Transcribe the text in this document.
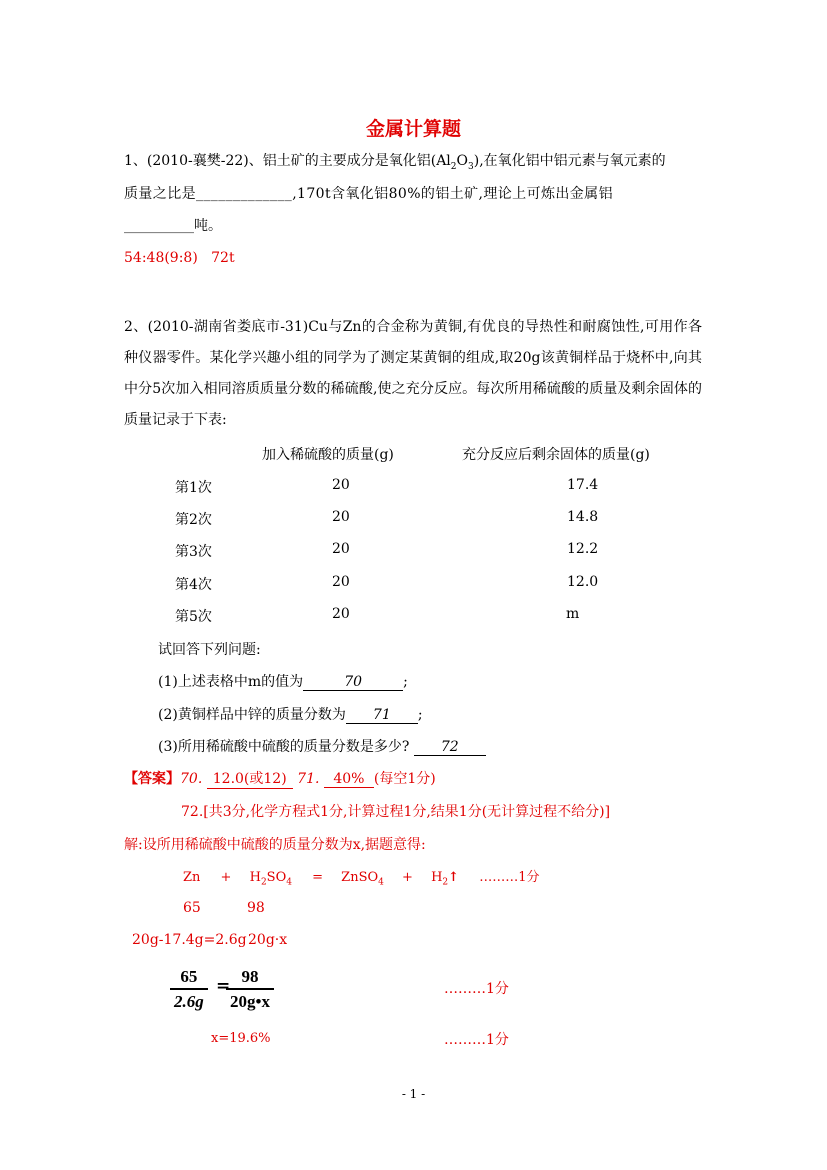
金属计算题
1、(2010-襄樊-22)、铝土矿的主要成分是氧化铝$(Al_2O_3)$,在氧化铝中铝元素与氧元素的
质量之比是_____________,170t含氧化铝80%的铝土矿,理论上可炼出金属铝
__________吨。
54:48(9:8)   72t
2、(2010-湖南省娄底市-31)Cu与Zn的合金称为黄铜,有优良的导热性和耐腐蚀性,可用作各种仪器零件。某化学兴趣小组的同学为了测定某黄铜的组成,取20g该黄铜样品于烧杯中,向其中分5次加入相同溶质质量分数的稀硫酸,使之充分反应。每次所用稀硫酸的质量及剩余固体的质量记录于下表:
加入稀硫酸的质量(g)	充分反应后剩余固体的质量(g)
第1次	20	17.4
第2次	20	14.8
第3次	20	12.2
第4次	20	12.0
第5次	20	m
试回答下列问题:
(1)上述表格中m的值为	70	;
(2)黄铜样品中锌的质量分数为 71 ;
(3)所用稀硫酸中硫酸的质量分数是多少? 72
【答案】70. 12.0(或12) 71. 40% (每空1分)
72.[共3分,化学方程式1分,计算过程1分,结果1分(无计算过程不给分)]
解:设所用稀硫酸中硫酸的质量分数为x,据题意得:
$Zn + H_2SO_4$ = ZnSO$_4$ + $H_2↑$ ………1分
65	98
20g-17.4g=2.6g 20g·x
$\frac{65}{2.6g}$ =
$\frac{98}{20g•x}$	………1分
x=19.6%	………1分
- 1 -
